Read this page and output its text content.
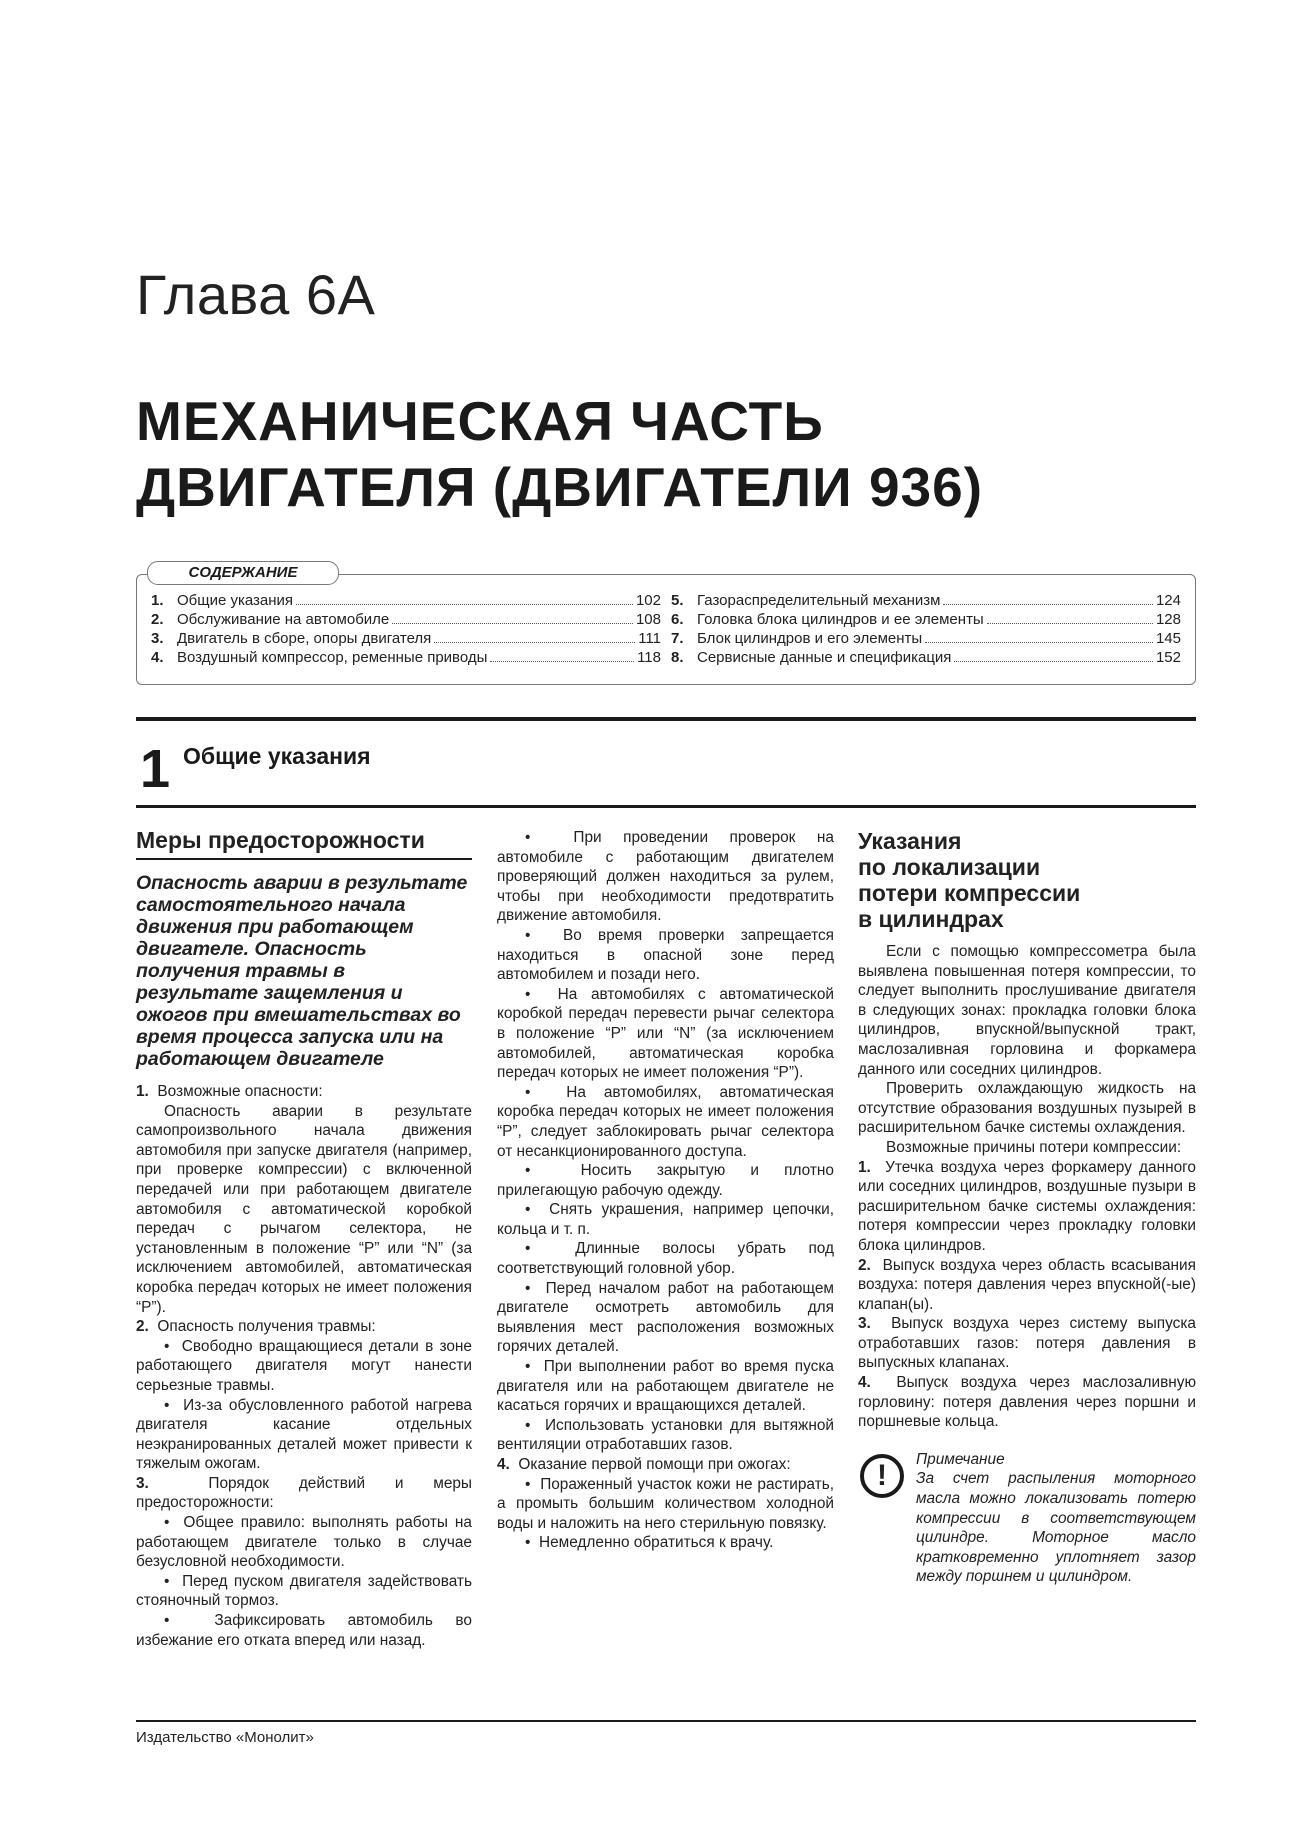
Глава 6А
МЕХАНИЧЕСКАЯ ЧАСТЬ
ДВИГАТЕЛЯ (ДВИГАТЕЛИ 936)
СОДЕРЖАНИЕ
1. Общие указания	102
2. Обслуживание на автомобиле	108
3. Двигатель в сборе, опоры двигателя	111
4. Воздушный компрессор, ременные приводы	118
5. Газораспределительный механизм	124
6. Головка блока цилиндров и ее элементы	128
7. Блок цилиндров и его элементы	145
8. Сервисные данные и спецификация	152
1 Общие указания
Меры предосторожности
Опасность аварии в результате самостоятельного начала движения при работающем двигателе. Опасность получения травмы в результате защемления и ожогов при вмешательствах во время процесса запуска или на работающем двигателе

1. Возможные опасности:

Опасность аварии в результате самопроизвольного начала движения автомобиля при запуске двигателя (например, при проверке компрессии) с включенной передачей или при работающем двигателе автомобиля с автоматической коробкой передач с рычагом селектора, не установленным в положение “P” или “N” (за исключением автомобилей, автоматическая коробка передач которых не имеет положения “P”).

2. Опасность получения травмы:

•  Свободно вращающиеся детали в зоне работающего двигателя могут нанести серьезные травмы.

•  Из-за обусловленного работой нагрева двигателя касание отдельных неэкранированных деталей может привести к тяжелым ожогам.

3.	Порядок действий и меры предосторожности:

•  Общее правило: выполнять работы на работающем двигателе только в случае безусловной необходимости.

•  Перед пуском двигателя задействовать стояночный тормоз.

•  Зафиксировать автомобиль во избежание его отката вперед или назад.

•  При проведении проверок на автомобиле с работающим двигателем проверяющий должен находиться за рулем, чтобы при необходимости предотвратить движение автомобиля.

•  Во время проверки запрещается находиться в опасной зоне перед автомобилем и позади него.

•  На автомобилях с автоматической коробкой передач перевести рычаг селектора в положение “P” или “N” (за исключением автомобилей, автоматическая коробка передач которых не имеет положения “P”).

•  На автомобилях, автоматическая коробка передач которых не имеет положения “P”, следует заблокировать рычаг селектора от несанкционированного доступа.

•  Носить закрытую и плотно прилегающую рабочую одежду.

•  Снять украшения, например цепочки, кольца и т. п.

•  Длинные волосы убрать под соответствующий головной убор.

•  Перед началом работ на работающем двигателе осмотреть автомобиль для выявления мест расположения возможных горячих деталей.

•  При выполнении работ во время пуска двигателя или на работающем двигателе не касаться горячих и вращающихся деталей.

•  Использовать установки для вытяжной вентиляции отработавших газов.

4. Оказание первой помощи при ожогах:

•  Пораженный участок кожи не растирать, а промыть большим количеством холодной воды и наложить на него стерильную повязку.

•  Немедленно обратиться к врачу.

Указания
по локализации
потери компрессии
в цилиндрах

Если с помощью компрессометра была выявлена повышенная потеря компрессии, то следует выполнить прослушивание двигателя в следующих зонах: прокладка головки блока цилиндров, впускной/выпускной тракт, маслозаливная горловина и форкамера данного или соседних цилиндров.

Проверить охлаждающую жидкость на отсутствие образования воздушных пузырей в расширительном бачке системы охлаждения.

Возможные причины потери компрессии:

1. Утечка воздуха через форкамеру данного или соседних цилиндров, воздушные пузыри в расширительном бачке системы охлаждения: потеря компрессии через прокладку головки блока цилиндров.

2. Выпуск воздуха через область всасывания воздуха: потеря давления через впускной(-ые) клапан(ы).

3. Выпуск воздуха через систему выпуска отработавших газов: потеря давления в выпускных клапанах.

4. Выпуск воздуха через маслозаливную горловину: потеря давления через поршни и поршневые кольца.

!	Примечание
За счет распыления моторного масла можно локализовать потерю компрессии в соответствующем цилиндре. Моторное масло кратковременно уплотняет зазор между поршнем и цилиндром.
Издательство «Монолит»
